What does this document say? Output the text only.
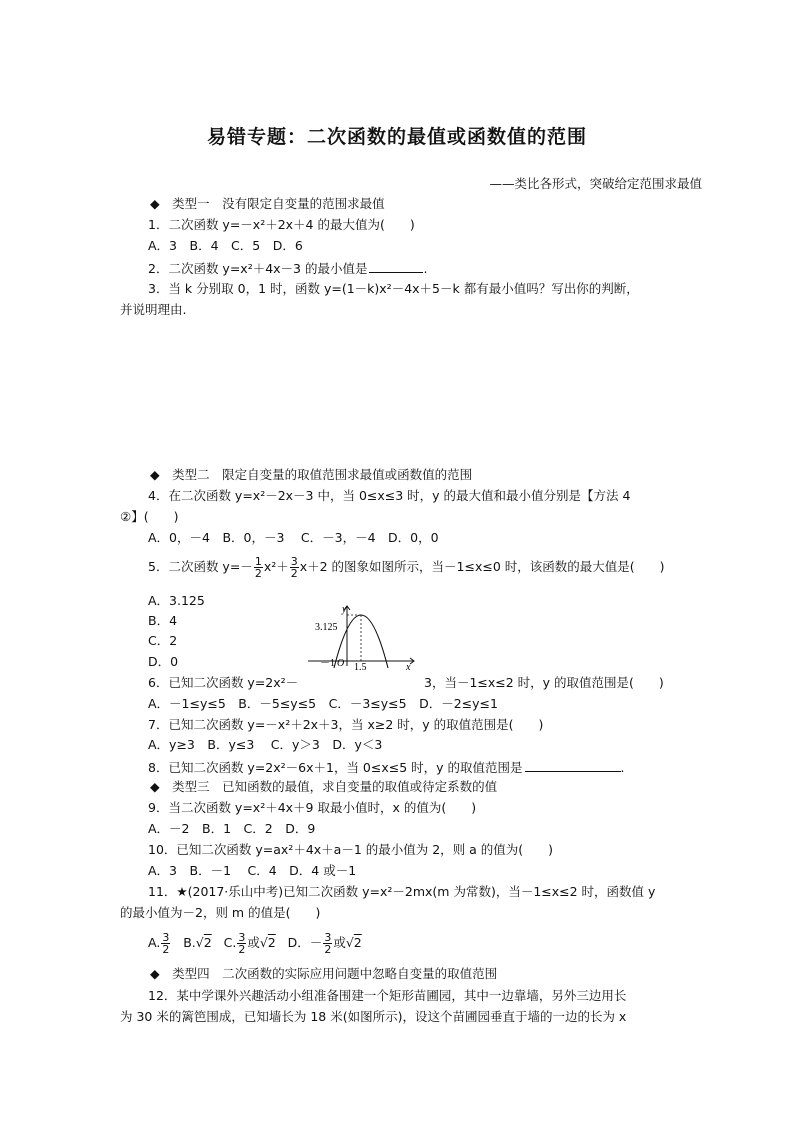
易错专题：二次函数的最值或函数值的范围
——类比各形式，突破给定范围求最值
◆　类型一　没有限定自变量的范围求最值
1．二次函数 y=－x²＋2x＋4 的最大值为(　　)
A．3　B．4　C．5　D．6
2．二次函数 y=x²＋4x－3 的最小值是	.
3．当 k 分别取 0，1 时，函数 y=(1－k)x²－4x＋5－k 都有最小值吗？写出你的判断，
并说明理由.
◆　类型二　限定自变量的取值范围求最值或函数值的范围
4．在二次函数 y=x²－2x－3 中，当 0≤x≤3 时，y 的最大值和最小值分别是【方法 4
②】(　　)
A．0，－4　B．0，－3　 C．－3，－4　D．0，0
5．二次函数 $y=- \frac{1}{2} x^2+ \frac{3}{2} x+2$ 的图象如图所示，当－1≤x≤0 时，该函数的最大值是(　　)
A．3.125
B．4
C．2
D．0
y
x
3.125
1.5
－1 O
6．已知二次函数 y=2x²－	3，当－1≤x≤2 时，y 的取值范围是(　　)
A．－1≤y≤5　B．－5≤y≤5　C．－3≤y≤5　D．－2≤y≤1
7．已知二次函数 y=－x²＋2x＋3，当 x≥2 时，y 的取值范围是(　　)
A．y≥3　B．y≤3　 C．y＞3　D．y＜3
8．已知二次函数 y=2x²－6x＋1，当 0≤x≤5 时，y 的取值范围是	.
◆　类型三　已知函数的最值，求自变量的取值或待定系数的值
9．当二次函数 y=x²＋4x＋9 取最小值时，x 的值为(　　)
A．－2　B．1　C．2　D．9
10．已知二次函数 y=ax²＋4x＋a－1 的最小值为 2，则 a 的值为(　　)
A．3　B．－1　 C．4　D．4 或－1
11．★(2017·乐山中考)已知二次函数 y=x²－2mx(m 为常数)，当－1≤x≤2 时，函数值 y
的最小值为－2，则 m 的值是(　　)
A. $\frac{3}{2} B.√2$ C. $\frac{3}{2}$ 或√2 D．－ $\frac{3}{2}$ 或√2
◆　类型四　二次函数的实际应用问题中忽略自变量的取值范围
12．某中学课外兴趣活动小组准备围建一个矩形苗圃园，其中一边靠墙，另外三边用长
为 30 米的篱笆围成，已知墙长为 18 米(如图所示)，设这个苗圃园垂直于墙的一边的长为 x
